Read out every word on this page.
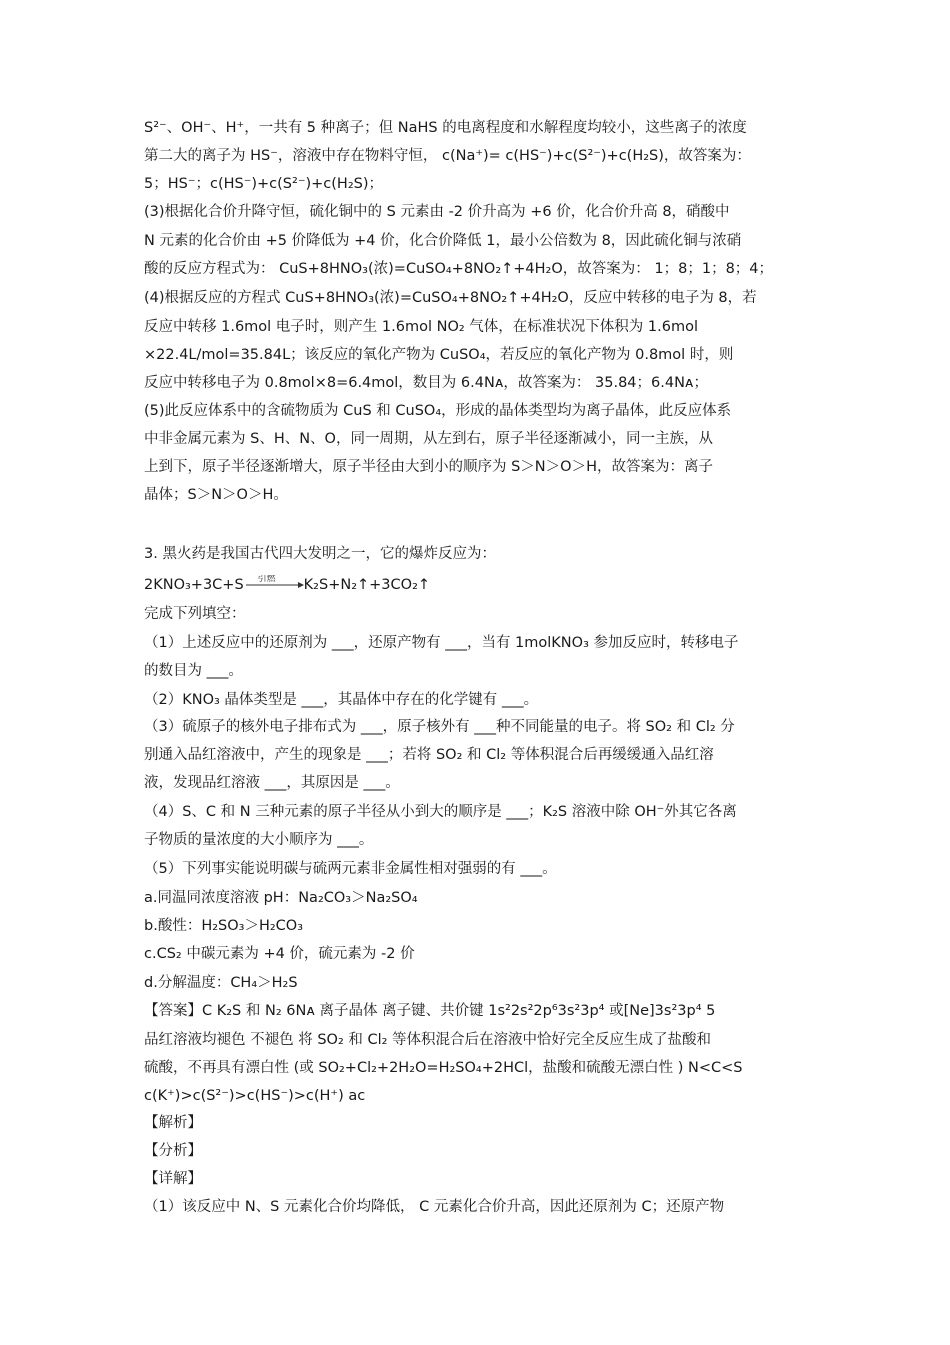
S²⁻、OH⁻、H⁺，一共有 5 种离子；但 NaHS 的电离程度和水解程度均较小，这些离子的浓度
第二大的离子为 HS⁻，溶液中存在物料守恒， c(Na⁺)= c(HS⁻)+c(S²⁻)+c(H₂S)，故答案为：
5；HS⁻；c(HS⁻)+c(S²⁻)+c(H₂S)；
(3)根据化合价升降守恒，硫化铜中的 S 元素由 -2 价升高为 +6 价，化合价升高 8，硝酸中
N 元素的化合价由 +5 价降低为 +4 价，化合价降低 1，最小公倍数为 8，因此硫化铜与浓硝
酸的反应方程式为： CuS+8HNO₃(浓)=CuSO₄+8NO₂↑+4H₂O，故答案为： 1；8；1；8；4；
(4)根据反应的方程式 CuS+8HNO₃(浓)=CuSO₄+8NO₂↑+4H₂O，反应中转移的电子为 8，若
反应中转移 1.6mol 电子时，则产生 1.6mol NO₂ 气体，在标准状况下体积为 1.6mol
×22.4L/mol=35.84L；该反应的氧化产物为 CuSO₄，若反应的氧化产物为 0.8mol 时，则
反应中转移电子为 0.8mol×8=6.4mol，数目为 6.4Nᴀ，故答案为： 35.84；6.4Nᴀ；
(5)此反应体系中的含硫物质为 CuS 和 CuSO₄，形成的晶体类型均为离子晶体，此反应体系
中非金属元素为 S、H、N、O，同一周期，从左到右，原子半径逐渐减小，同一主族，从
上到下，原子半径逐渐增大，原子半径由大到小的顺序为 S＞N＞O＞H，故答案为：离子
晶体；S＞N＞O＞H。
3. 黑火药是我国古代四大发明之一，它的爆炸反应为：
2KNO₃+3C+S 引燃 K₂S+N₂↑+3CO₂↑
完成下列填空：
（1）上述反应中的还原剂为 ___，还原产物有 ___，当有 1molKNO₃ 参加反应时，转移电子
的数目为 ___。
（2）KNO₃ 晶体类型是 ___，其晶体中存在的化学键有 ___。
（3）硫原子的核外电子排布式为 ___，原子核外有 ___种不同能量的电子。将 SO₂ 和 Cl₂ 分
别通入品红溶液中，产生的现象是 ___；若将 SO₂ 和 Cl₂ 等体积混合后再缓缓通入品红溶
液，发现品红溶液 ___，其原因是 ___。
（4）S、C 和 N 三种元素的原子半径从小到大的顺序是 ___；K₂S 溶液中除 OH⁻外其它各离
子物质的量浓度的大小顺序为 ___。
（5）下列事实能说明碳与硫两元素非金属性相对强弱的有 ___。
a.同温同浓度溶液 pH：Na₂CO₃＞Na₂SO₄
b.酸性：H₂SO₃＞H₂CO₃
c.CS₂ 中碳元素为 +4 价，硫元素为 -2 价
d.分解温度：CH₄＞H₂S
【答案】C K₂S 和 N₂ 6Nᴀ 离子晶体 离子键、共价键 1s²2s²2p⁶3s²3p⁴ 或[Ne]3s²3p⁴ 5
品红溶液均褪色 不褪色 将 SO₂ 和 Cl₂ 等体积混合后在溶液中恰好完全反应生成了盐酸和
硫酸，不再具有漂白性 (或 SO₂+Cl₂+2H₂O=H₂SO₄+2HCl，盐酸和硫酸无漂白性 ) N<C<S
c(K⁺)>c(S²⁻)>c(HS⁻)>c(H⁺) ac
【解析】
【分析】
【详解】
（1）该反应中 N、S 元素化合价均降低， C 元素化合价升高，因此还原剂为 C；还原产物
